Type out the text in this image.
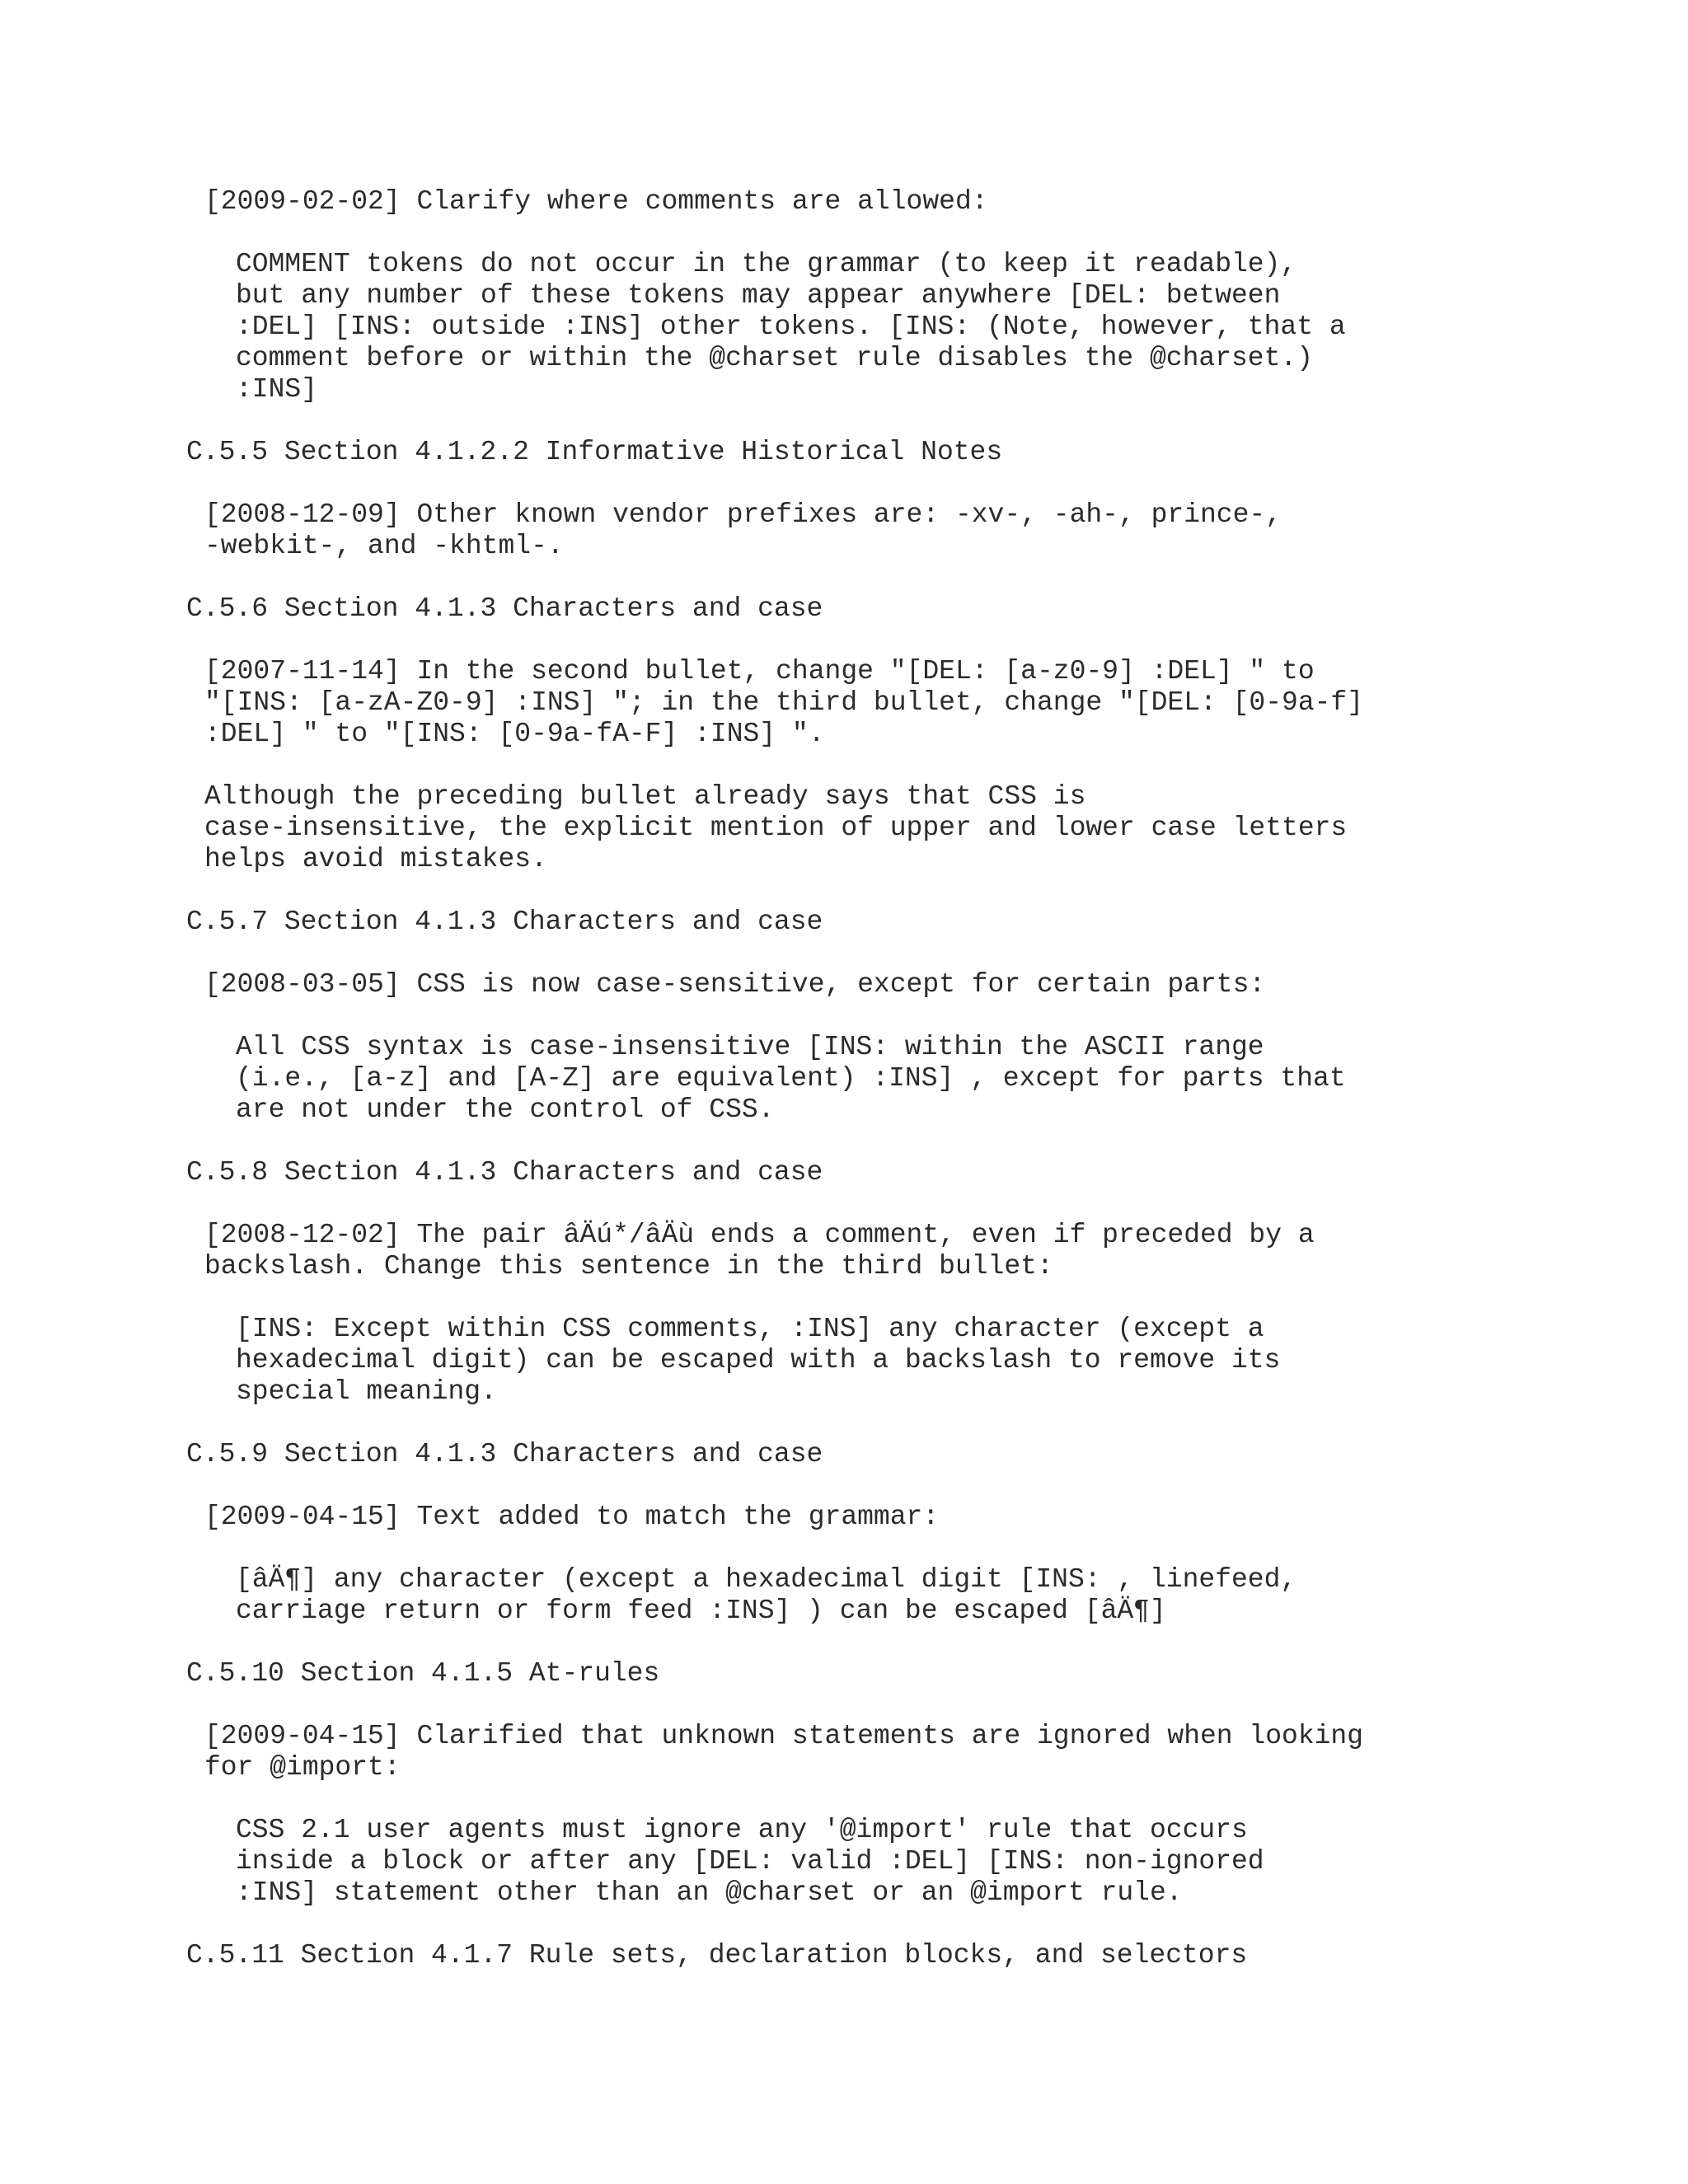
[2009-02-02] Clarify where comments are allowed:
COMMENT tokens do not occur in the grammar (to keep it readable),
but any number of these tokens may appear anywhere [DEL: between
:DEL] [INS: outside :INS] other tokens. [INS: (Note, however, that a
comment before or within the @charset rule disables the @charset.)
:INS]
C.5.5 Section 4.1.2.2 Informative Historical Notes
[2008-12-09] Other known vendor prefixes are: -xv-, -ah-, prince-,
-webkit-, and -khtml-.
C.5.6 Section 4.1.3 Characters and case
[2007-11-14] In the second bullet, change "[DEL: [a-z0-9] :DEL] " to
"[INS: [a-zA-Z0-9] :INS] "; in the third bullet, change "[DEL: [0-9a-f]
:DEL] " to "[INS: [0-9a-fA-F] :INS] ".
Although the preceding bullet already says that CSS is
case-insensitive, the explicit mention of upper and lower case letters
helps avoid mistakes.
C.5.7 Section 4.1.3 Characters and case
[2008-03-05] CSS is now case-sensitive, except for certain parts:
All CSS syntax is case-insensitive [INS: within the ASCII range
(i.e., [a-z] and [A-Z] are equivalent) :INS] , except for parts that
are not under the control of CSS.
C.5.8 Section 4.1.3 Characters and case
[2008-12-02] The pair âÄú*/âÄù ends a comment, even if preceded by a
backslash. Change this sentence in the third bullet:
[INS: Except within CSS comments, :INS] any character (except a
hexadecimal digit) can be escaped with a backslash to remove its
special meaning.
C.5.9 Section 4.1.3 Characters and case
[2009-04-15] Text added to match the grammar:
[âÄ¶] any character (except a hexadecimal digit [INS: , linefeed,
carriage return or form feed :INS] ) can be escaped [âÄ¶]
C.5.10 Section 4.1.5 At-rules
[2009-04-15] Clarified that unknown statements are ignored when looking
for @import:
CSS 2.1 user agents must ignore any '@import' rule that occurs
inside a block or after any [DEL: valid :DEL] [INS: non-ignored
:INS] statement other than an @charset or an @import rule.
C.5.11 Section 4.1.7 Rule sets, declaration blocks, and selectors
